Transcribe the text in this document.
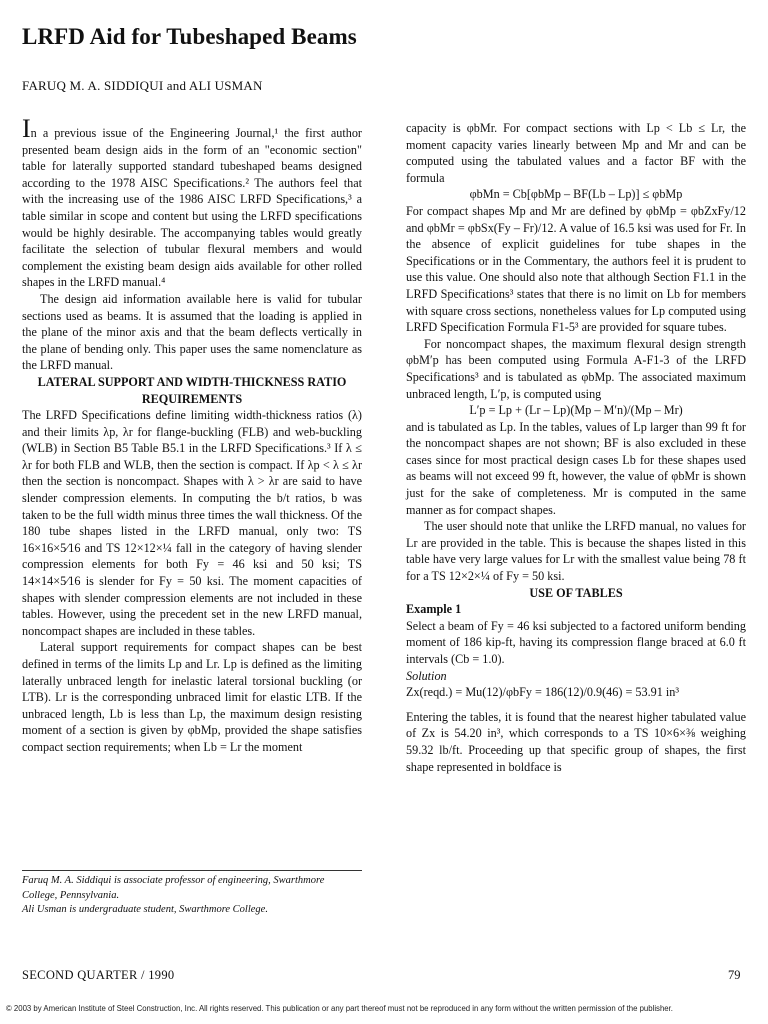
LRFD Aid for Tubeshaped Beams
FARUQ M. A. SIDDIQUI and ALI USMAN

In a previous issue of the Engineering Journal,¹ the first author presented beam design aids in the form of an "economic section" table for laterally supported standard tubeshaped beams designed according to the 1978 AISC Specifications.² The authors feel that with the increasing use of the 1986 AISC LRFD Specifications,³ a table similar in scope and content but using the LRFD specifications would be highly desirable. The accompanying tables would greatly facilitate the selection of tubular flexural members and would complement the existing beam design aids available for other rolled shapes in the LRFD manual.⁴

The design aid information available here is valid for tubular sections used as beams. It is assumed that the loading is applied in the plane of the minor axis and that the beam deflects vertically in the plane of bending only. This paper uses the same nomenclature as the LRFD manual.

LATERAL SUPPORT AND WIDTH-THICKNESS RATIO REQUIREMENTS

The LRFD Specifications define limiting width-thickness ratios (λ) and their limits λp, λr for flange-buckling (FLB) and web-buckling (WLB) in Section B5 Table B5.1 in the LRFD Specifications.³ If λ ≤ λr for both FLB and WLB, then the section is compact. If λp < λ ≤ λr then the section is noncompact. Shapes with λ > λr are said to have slender compression elements. In computing the b/t ratios, b was taken to be the full width minus three times the wall thickness. Of the 180 tube shapes listed in the LRFD manual, only two: TS 16×16×5⁄16 and TS 12×12×¼ fall in the category of having slender compression elements for both Fy = 46 ksi and 50 ksi; TS 14×14×5⁄16 is slender for Fy = 50 ksi. The moment capacities of shapes with slender compression elements are not included in these tables. However, using the precedent set in the new LRFD manual, noncompact shapes are included in these tables.

Lateral support requirements for compact shapes can be best defined in terms of the limits Lp and Lr. Lp is defined as the limiting laterally unbraced length for inelastic lateral torsional buckling (or LTB). Lr is the corresponding unbraced limit for elastic LTB. If the unbraced length, Lb is less than Lp, the maximum design resisting moment of a section is given by φbMp, provided the shape satisfies compact section requirements; when Lb = Lr the moment

Faruq M. A. Siddiqui is associate professor of engineering, Swarthmore College, Pennsylvania.
Ali Usman is undergraduate student, Swarthmore College.

capacity is φbMr. For compact sections with Lp < Lb ≤ Lr, the moment capacity varies linearly between Mp and Mr and can be computed using the tabulated values and a factor BF with the formula

φbMn = Cb[φbMp – BF(Lb – Lp)] ≤ φbMp

For compact shapes Mp and Mr are defined by φbMp = φbZxFy/12 and φbMr = φbSx(Fy – Fr)/12. A value of 16.5 ksi was used for Fr. In the absence of explicit guidelines for tube shapes in the Specifications or in the Commentary, the authors feel it is prudent to use this value. One should also note that although Section F1.1 in the LRFD Specifications³ states that there is no limit on Lb for members with square cross sections, nonetheless values for Lp computed using LRFD Specification Formula F1-5³ are provided for square tubes.

For noncompact shapes, the maximum flexural design strength φbM′p has been computed using Formula A-F1-3 of the LRFD Specifications³ and is tabulated as φbMp. The associated maximum unbraced length, L′p, is computed using

L′p = Lp + (Lr – Lp)(Mp – M′n)/(Mp – Mr)

and is tabulated as Lp. In the tables, values of Lp larger than 99 ft for the noncompact shapes are not shown; BF is also excluded in these cases since for most practical design cases Lb for these shapes used as beams will not exceed 99 ft, however, the value of φbMr is shown just for the sake of completeness. Mr is computed in the same manner as for compact shapes.

The user should note that unlike the LRFD manual, no values for Lr are provided in the table. This is because the shapes listed in this table have very large values for Lr with the smallest value being 78 ft for a TS 12×2×¼ of Fy = 50 ksi.

USE OF TABLES

Example 1

Select a beam of Fy = 46 ksi subjected to a factored uniform bending moment of 186 kip-ft, having its compression flange braced at 6.0 ft intervals (Cb = 1.0).

Solution

Zx(reqd.) = Mu(12)/φbFy = 186(12)/0.9(46) = 53.91 in³

Entering the tables, it is found that the nearest higher tabulated value of Zx is 54.20 in³, which corresponds to a TS 10×6×⅜ weighing 59.32 lb/ft. Proceeding up that specific group of shapes, the first shape represented in boldface is

SECOND QUARTER / 1990	79
© 2003 by American Institute of Steel Construction, Inc. All rights reserved. This publication or any part thereof must not be reproduced in any form without the written permission of the publisher.
